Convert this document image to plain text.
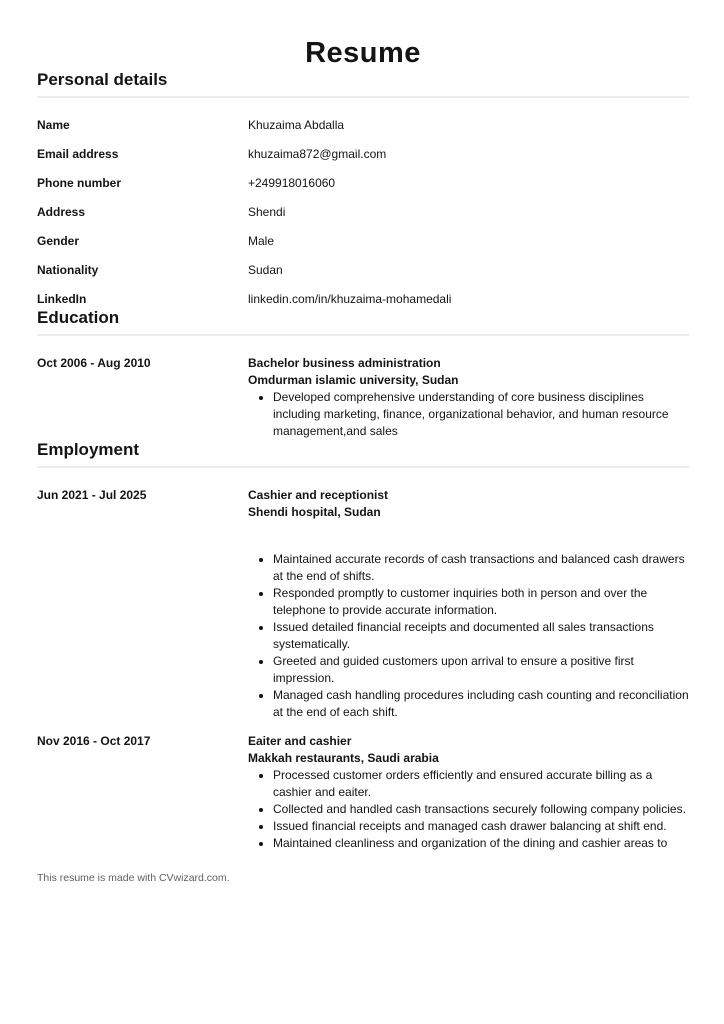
Resume
Personal details
Name	Khuzaima Abdalla
Email address	khuzaima872@gmail.com
Phone number	+249918016060
Address	Shendi
Gender	Male
Nationality	Sudan
LinkedIn	linkedin.com/in/khuzaima-mohamedali
Education
Oct 2006 - Aug 2010	Bachelor business administration

Omdurman islamic university, Sudan

• Developed comprehensive understanding of core business disciplines including marketing, finance, organizational behavior, and human resource management,and sales
Employment
Jun 2021 - Jul 2025	Cashier and receptionist

Shendi hospital, Sudan

• Maintained accurate records of cash transactions and balanced cash drawers at the end of shifts.
• Responded promptly to customer inquiries both in person and over the telephone to provide accurate information.
• Issued detailed financial receipts and documented all sales transactions systematically.
• Greeted and guided customers upon arrival to ensure a positive first impression.
• Managed cash handling procedures including cash counting and reconciliation at the end of each shift.
Nov 2016 - Oct 2017	Eaiter and cashier

Makkah restaurants, Saudi arabia

• Processed customer orders efficiently and ensured accurate billing as a cashier and eaiter.
• Collected and handled cash transactions securely following company policies.
• Issued financial receipts and managed cash drawer balancing at shift end.
• Maintained cleanliness and organization of the dining and cashier areas to
This resume is made with CVwizard.com.
